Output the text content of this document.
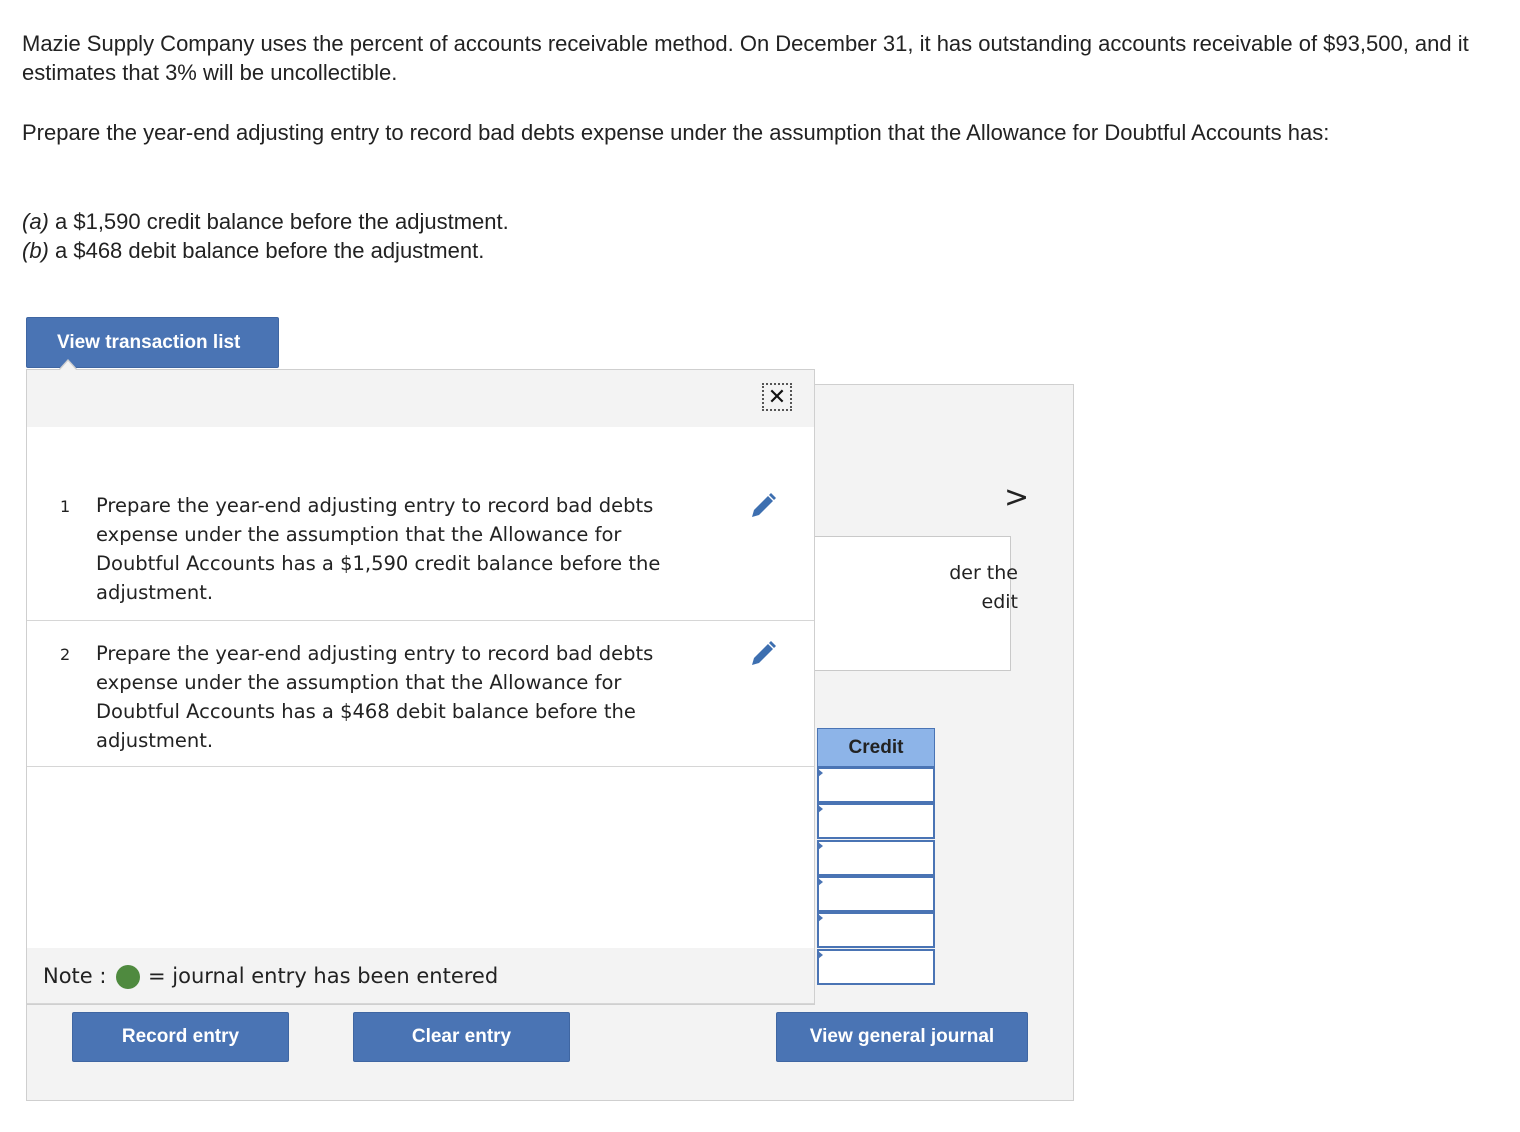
Mazie Supply Company uses the percent of accounts receivable method. On December 31, it has outstanding accounts receivable of $93,500, and it estimates that 3% will be uncollectible.

Prepare the year-end adjusting entry to record bad debts expense under the assumption that the Allowance for Doubtful Accounts has:

(a) a $1,590 credit balance before the adjustment.
(b) a $468 debit balance before the adjustment.

View transaction list
>
der the
edit
Credit
Record entry	Clear entry	View general journal
✕
1 Prepare the year-end adjusting entry to record bad debts expense under the assumption that the Allowance for Doubtful Accounts has a $1,590 credit balance before the adjustment.
2 Prepare the year-end adjusting entry to record bad debts expense under the assumption that the Allowance for Doubtful Accounts has a $468 debit balance before the adjustment.
Note : = journal entry has been entered
